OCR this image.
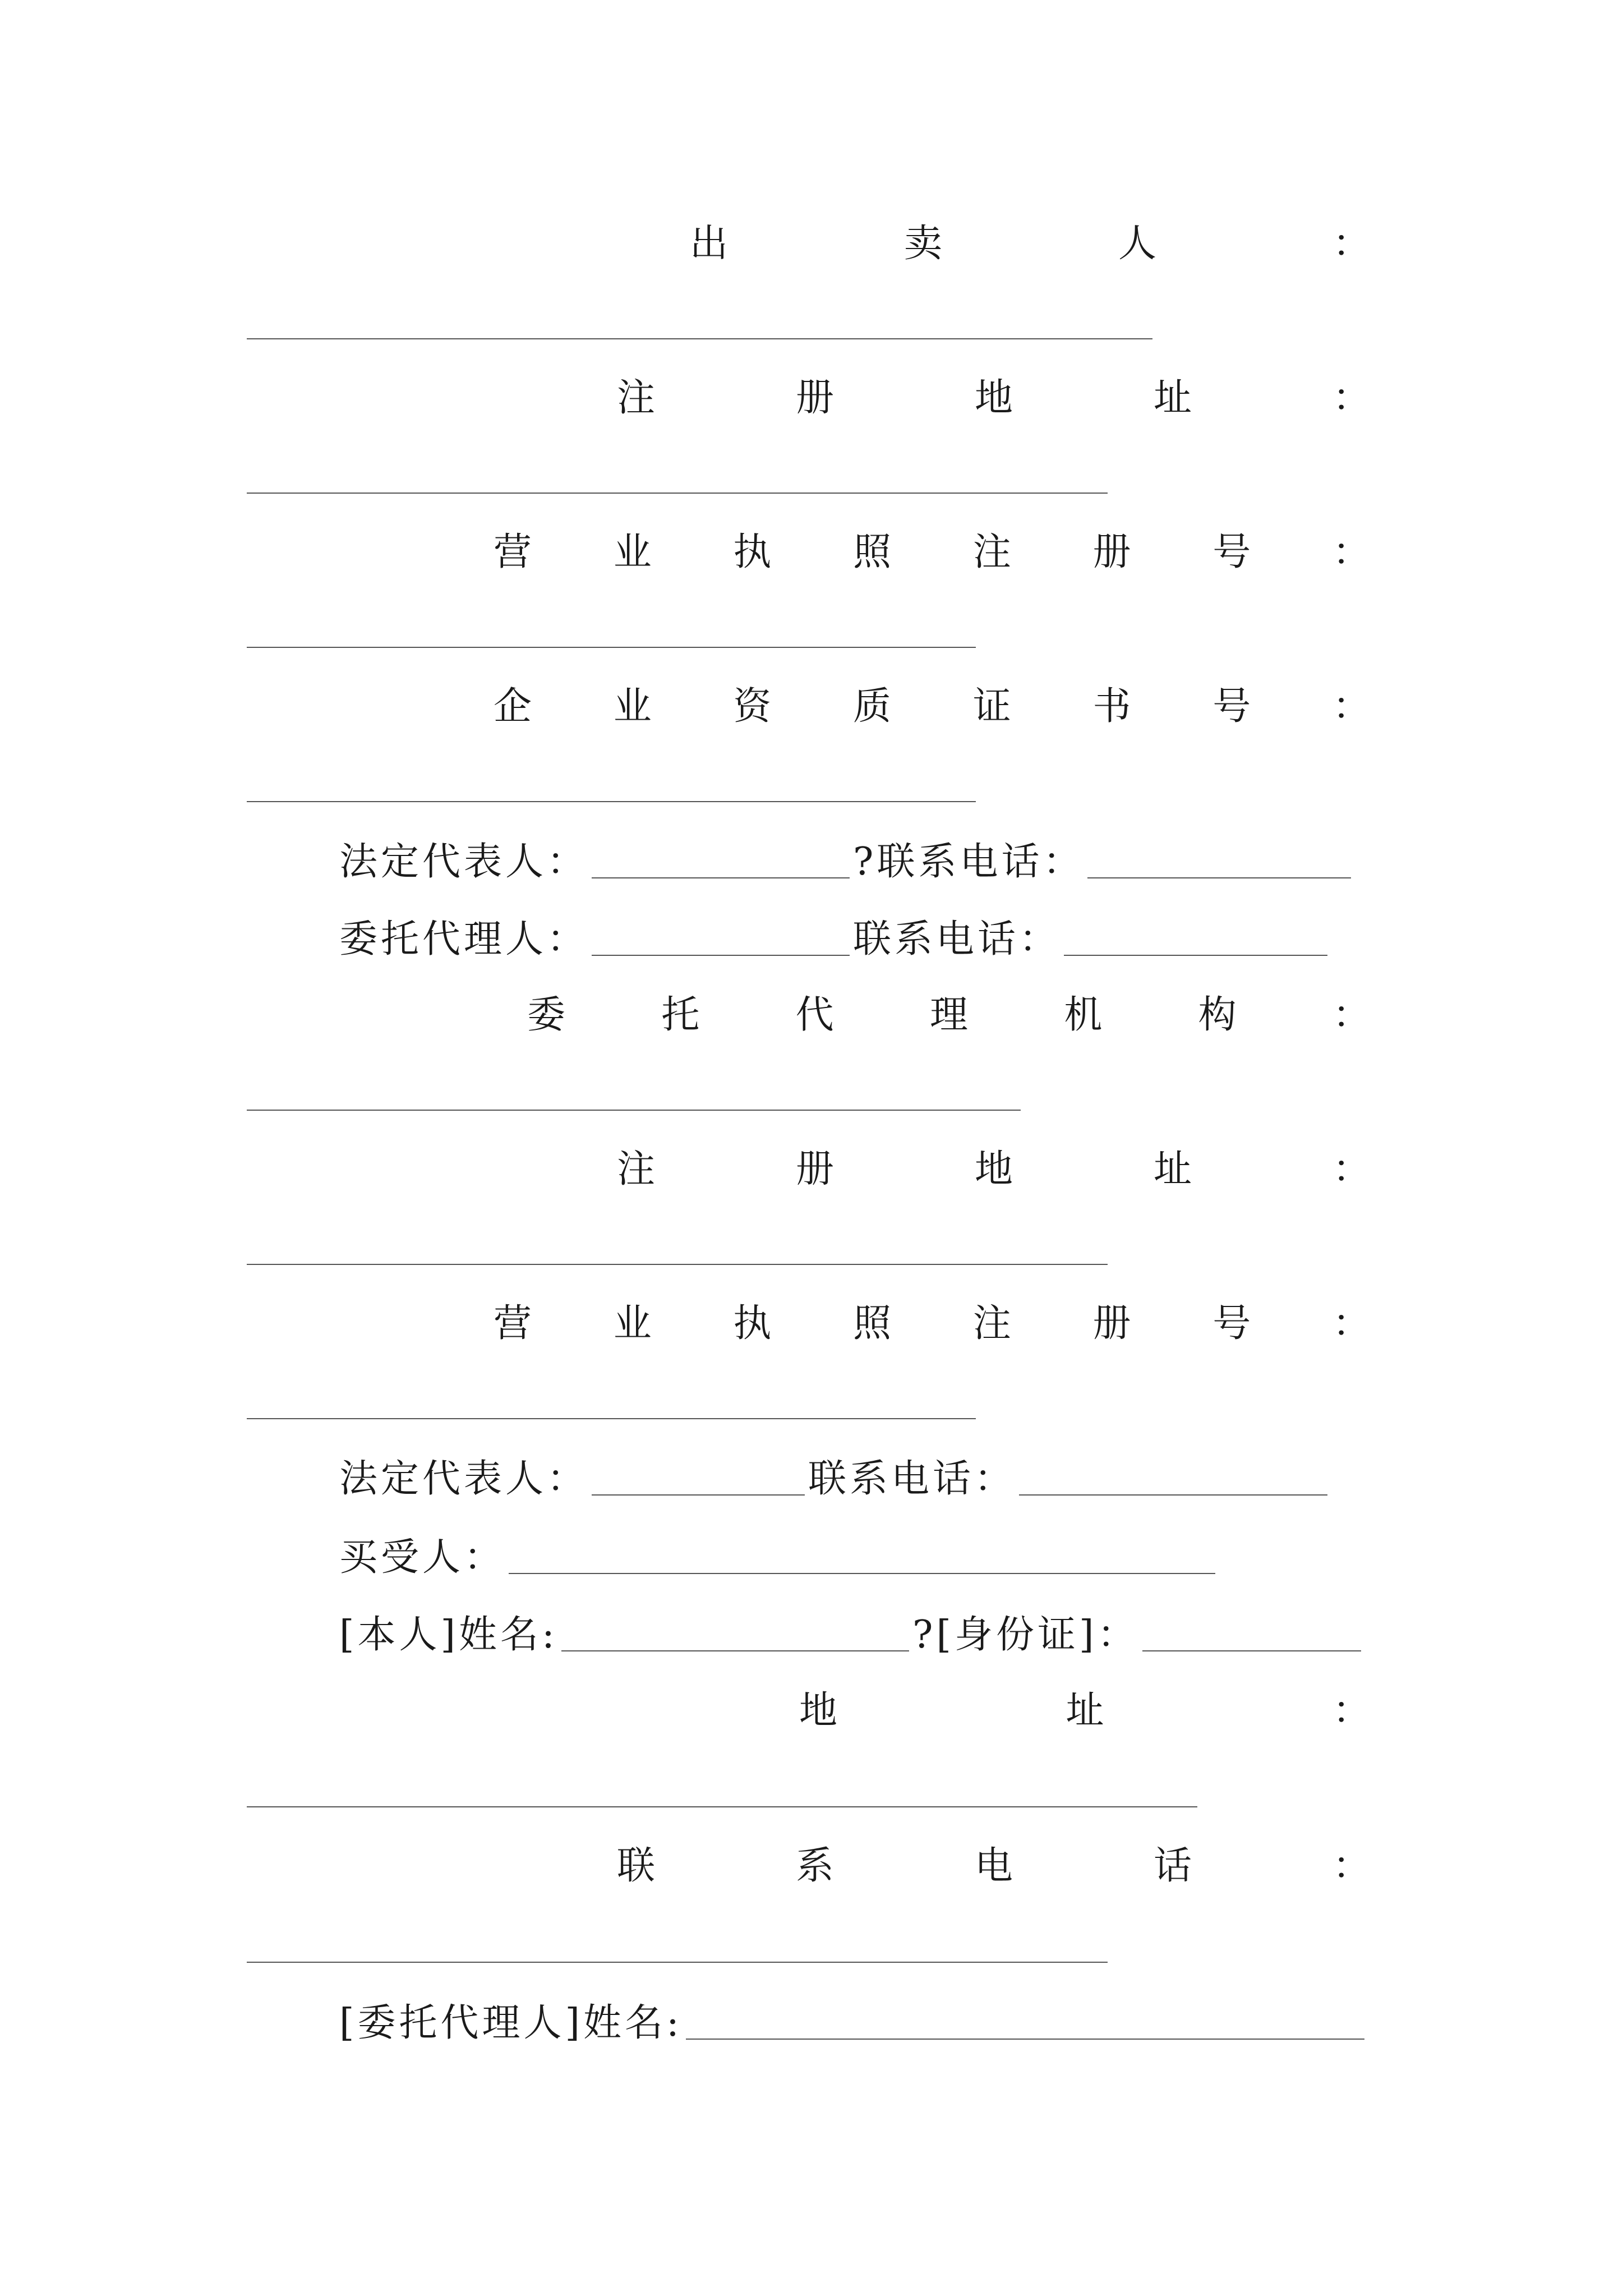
出	卖	人	：
注	册	地	址	：
营 业 执 照 注 册 号 ：
企 业 资 质 证 书 号 ：
法定代表人：	?联系电话：
委托代理人：	联系电话：
委	托	代	理	机	构	：
注	册	地	址	：
营 业 执 照 注 册 号 ：
法定代表人：	联系电话：
买受人：
[本人]姓名:	?[身份证]：
地	址	：
联	系	电	话	：
[委托代理人]姓名:
